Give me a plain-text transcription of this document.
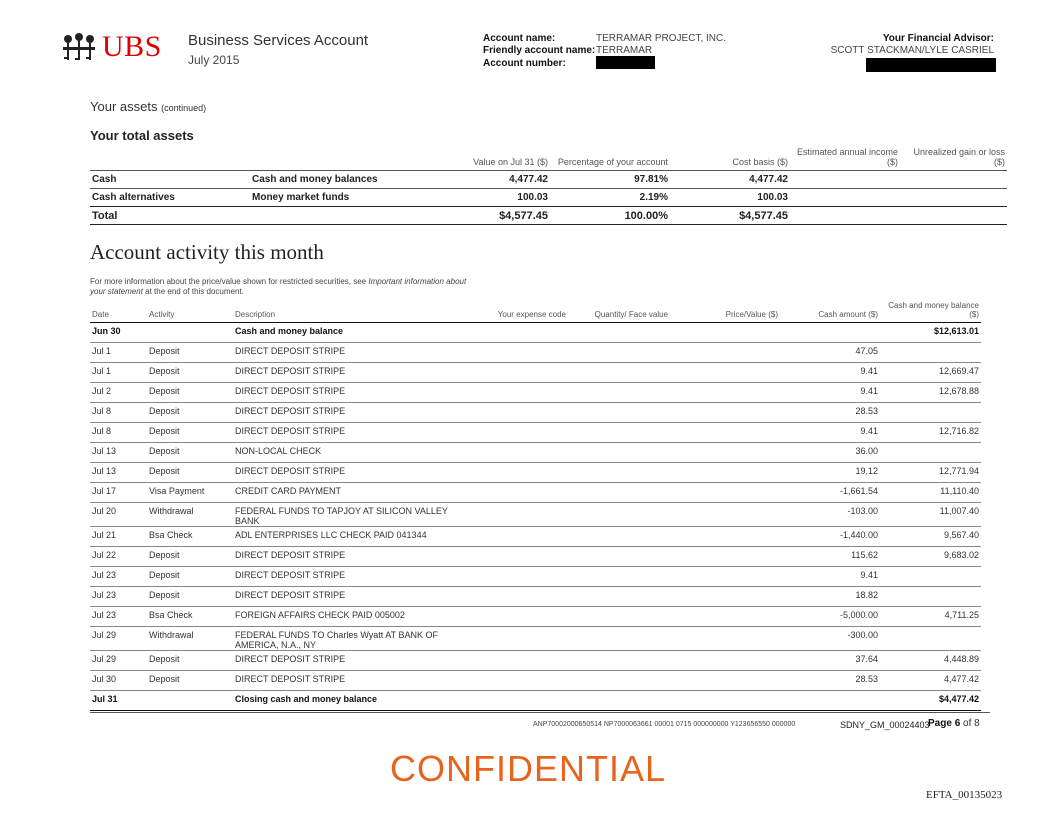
UBS Business Services Account
July 2015
Account name:	TERRAMAR PROJECT, INC.
Friendly account name: TERRAMAR
Account number:
Your Financial Advisor:
SCOTT STACKMAN/LYLE CASRIEL
Your assets (continued)
Your total assets
		Value on Jul 31 ($)	Percentage of your account	Cost basis ($)	Estimated annual income ($)	Unrealized gain or loss ($)
Cash	Cash and money balances	4,477.42	97.81%	4,477.42		
Cash alternatives	Money market funds	100.03	2.19%	100.03		
Total		$4,577.45	100.00%	$4,577.45		
Account activity this month
For more information about the price/value shown for restricted securities, see Important information about
your statement at the end of this document.
Date	Activity	Description	Your expense code	Quantity/ Face value	Price/Value ($)	Cash amount ($)	Cash and money balance ($)
Jun 30		Cash and money balance					$12,613.01
Jul 1	Deposit	DIRECT DEPOSIT STRIPE				47.05	
Jul 1	Deposit	DIRECT DEPOSIT STRIPE				9.41	12,669.47
Jul 2	Deposit	DIRECT DEPOSIT STRIPE				9.41	12,678.88
Jul 8	Deposit	DIRECT DEPOSIT STRIPE				28.53	
Jul 8	Deposit	DIRECT DEPOSIT STRIPE				9.41	12,716.82
Jul 13	Deposit	NON-LOCAL CHECK				36.00	
Jul 13	Deposit	DIRECT DEPOSIT STRIPE				19.12	12,771.94
Jul 17	Visa Payment	CREDIT CARD PAYMENT				-1,661.54	11,110.40
Jul 20	Withdrawal	FEDERAL FUNDS TO TAPJOY AT SILICON VALLEY BANK				-103.00	11,007.40
Jul 21	Bsa Check	ADL ENTERPRISES LLC CHECK PAID 041344				-1,440.00	9,567.40
Jul 22	Deposit	DIRECT DEPOSIT STRIPE				115.62	9,683.02
Jul 23	Deposit	DIRECT DEPOSIT STRIPE				9.41	
Jul 23	Deposit	DIRECT DEPOSIT STRIPE				18.82	
Jul 23	Bsa Check	FOREIGN AFFAIRS CHECK PAID 005002				-5,000.00	4,711.25
Jul 29	Withdrawal	FEDERAL FUNDS TO Charles Wyatt AT BANK OF AMERICA, N.A., NY				-300.00	
Jul 29	Deposit	DIRECT DEPOSIT STRIPE				37.64	4,448.89
Jul 30	Deposit	DIRECT DEPOSIT STRIPE				28.53	4,477.42
Jul 31		Closing cash and money balance					$4,477.42
ANP70002000650514 NP7000063661 00001 0715 000000000 Y123656550 000000	SDNY_GM_00024403
Page 6 of 8
CONFIDENTIAL
EFTA_00135023
